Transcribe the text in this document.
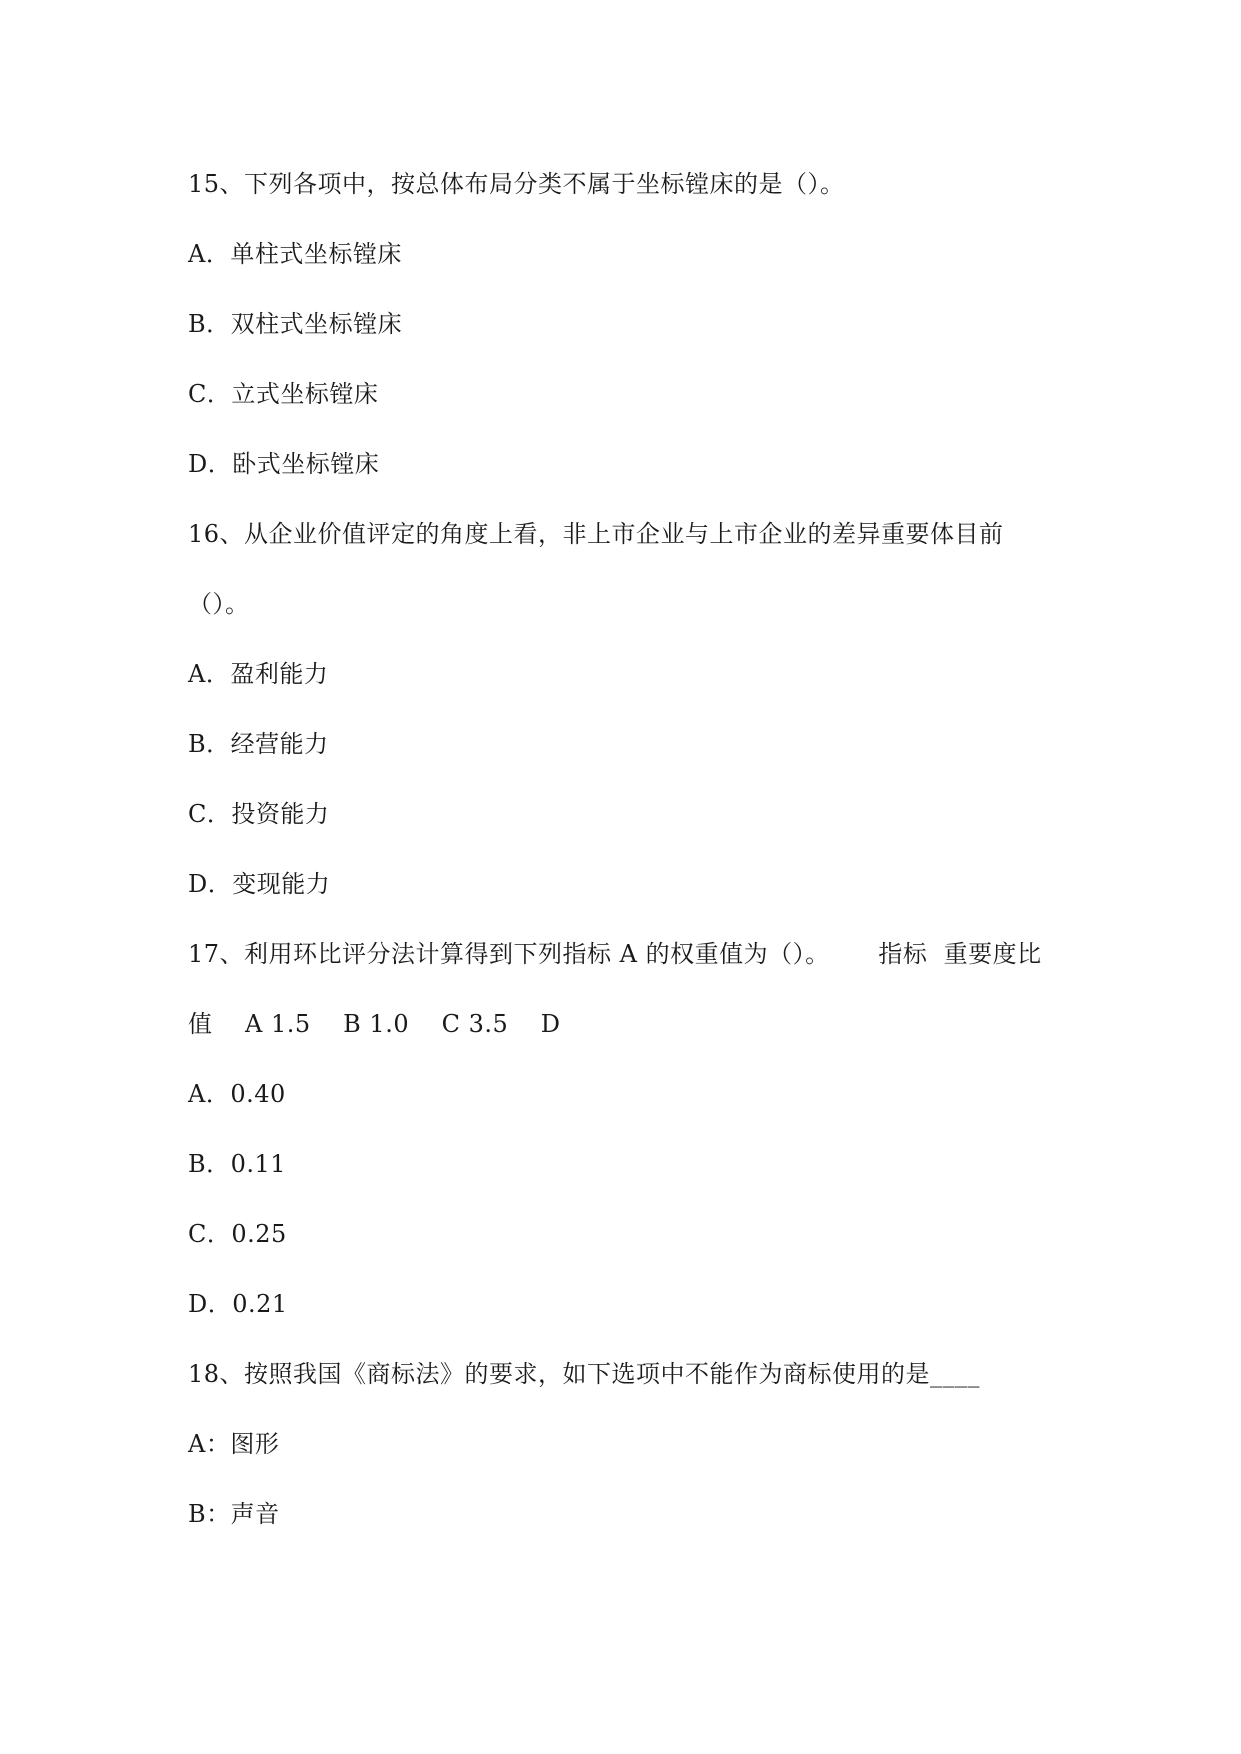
15、下列各项中，按总体布局分类不属于坐标镗床的是（）。
A．单柱式坐标镗床
B．双柱式坐标镗床
C．立式坐标镗床
D．卧式坐标镗床
16、从企业价值评定的角度上看，非上市企业与上市企业的差异重要体目前
（）。
A．盈利能力
B．经营能力
C．投资能力
D．变现能力
17、利用环比评分法计算得到下列指标 A 的权重值为（）。      指标  重要度比
值    A 1.5    B 1.0    C 3.5    D
A．0.40
B．0.11
C．0.25
D．0.21
18、按照我国《商标法》的要求，如下选项中不能作为商标使用的是____
A：图形
B：声音
